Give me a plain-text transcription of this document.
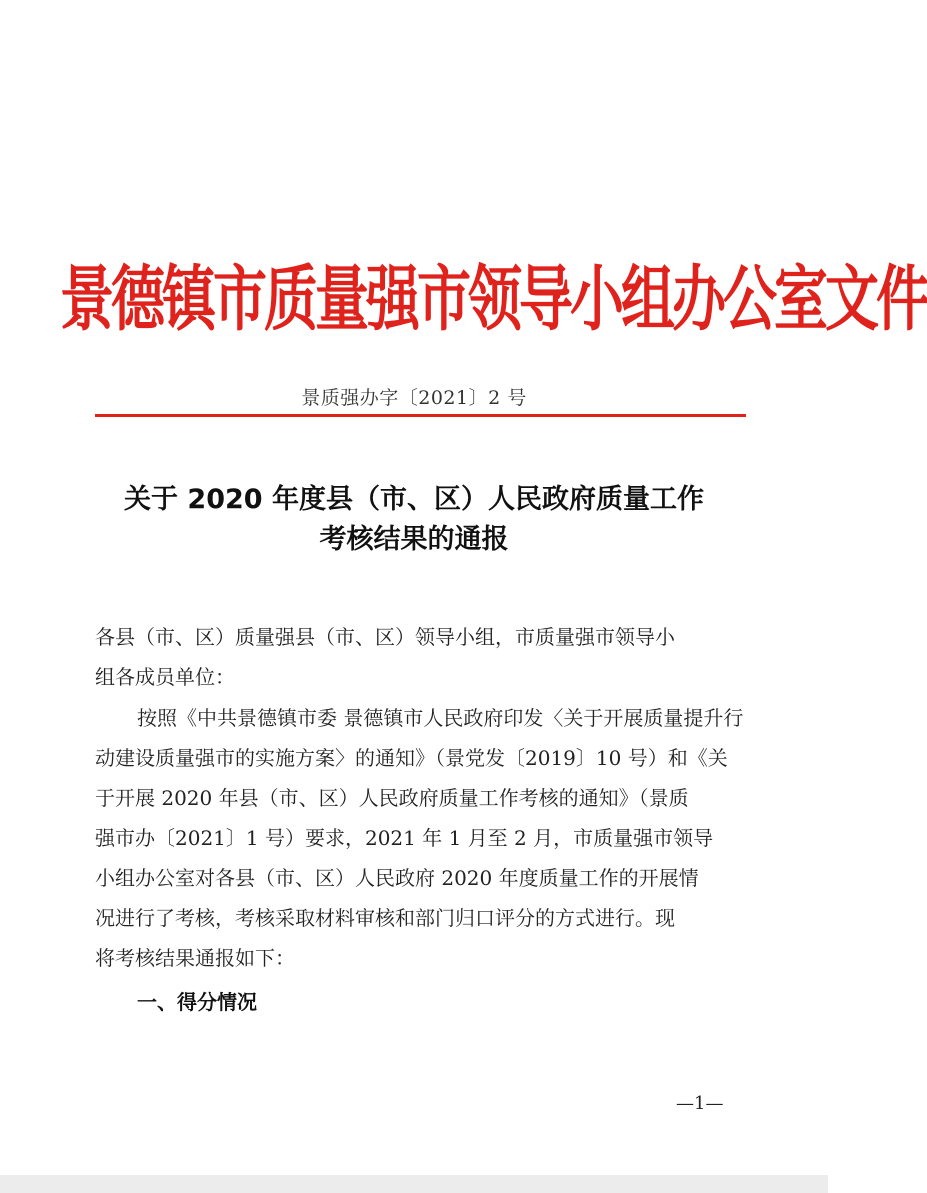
景德镇市质量强市领导小组办公室文件
景质强办字〔2021〕2 号
关于 2020 年度县（市、区）人民政府质量工作
考核结果的通报
各县（市、区）质量强县（市、区）领导小组，市质量强市领导小
组各成员单位：
按照《中共景德镇市委 景德镇市人民政府印发〈关于开展质量提升行
动建设质量强市的实施方案〉的通知》（景党发〔2019〕10 号）和《关
于开展 2020 年县（市、区）人民政府质量工作考核的通知》（景质
强市办〔2021〕1 号）要求，2021 年 1 月至 2 月，市质量强市领导
小组办公室对各县（市、区）人民政府 2020 年度质量工作的开展情
况进行了考核，考核采取材料审核和部门归口评分的方式进行。现
将考核结果通报如下：
一、得分情况
—1—
